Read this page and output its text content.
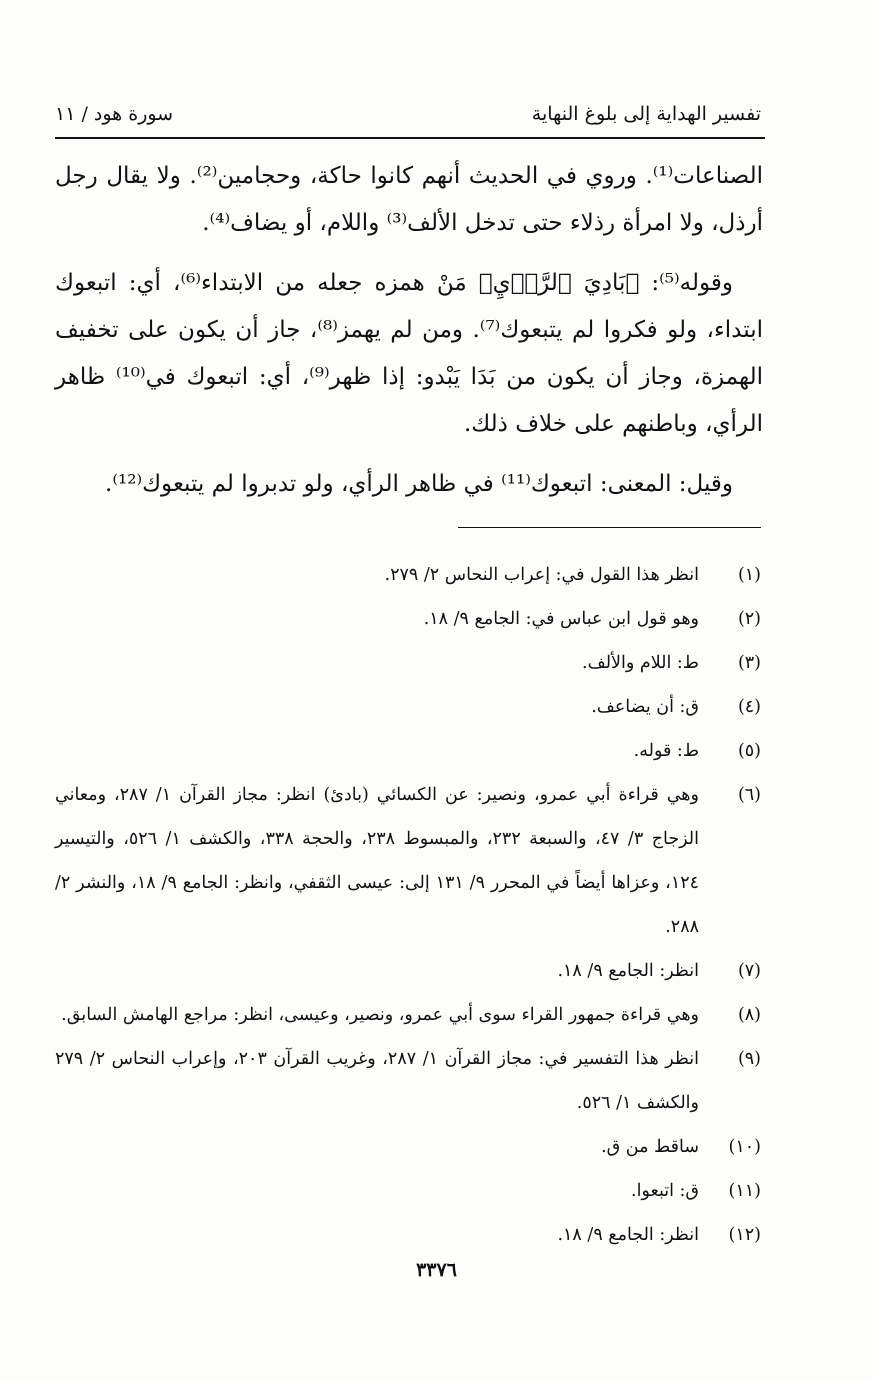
تفسير الهداية إلى بلوغ النهاية
سورة هود / ١١

الصناعات⁽¹⁾. وروي في الحديث أنهم كانوا حاكة، وحجامين⁽²⁾. ولا يقال رجل أرذل، ولا امرأة رذلاء حتى تدخل الألف⁽³⁾ واللام، أو يضاف⁽⁴⁾.

وقوله⁽⁵⁾: ﴿بَادِيَ ٱلرَّأۡيِ﴾ مَنْ همزه جعله من الابتداء⁽⁶⁾، أي: اتبعوك ابتداء، ولو فكروا لم يتبعوك⁽⁷⁾. ومن لم يهمز⁽⁸⁾، جاز أن يكون على تخفيف الهمزة، وجاز أن يكون من بَدَا يَبْدو: إذا ظهر⁽⁹⁾، أي: اتبعوك في⁽¹⁰⁾ ظاهر الرأي، وباطنهم على خلاف ذلك.

وقيل: المعنى: اتبعوك⁽¹¹⁾ في ظاهر الرأي، ولو تدبروا لم يتبعوك⁽¹²⁾.

(١)
انظر هذا القول في: إعراب النحاس ٢/ ٢٧٩.
(٢)
وهو قول ابن عباس في: الجامع ٩/ ١٨.
(٣)
ط: اللام والألف.
(٤)
ق: أن يضاعف.
(٥)
ط: قوله.
(٦)
وهي قراءة أبي عمرو، ونصير: عن الكسائي (بادئ) انظر: مجاز القرآن ١/ ٢٨٧، ومعاني الزجاج ٣/ ٤٧، والسبعة ٢٣٢، والمبسوط ٢٣٨، والحجة ٣٣٨، والكشف ١/ ٥٢٦، والتيسير ١٢٤، وعزاها أيضاً في المحرر ٩/ ١٣١ إلى: عيسى الثقفي، وانظر: الجامع ٩/ ١٨، والنشر ٢/ ٢٨٨.
(٧)
انظر: الجامع ٩/ ١٨.
(٨)
وهي قراءة جمهور القراء سوى أبي عمرو، ونصير، وعيسى، انظر: مراجع الهامش السابق.
(٩)
انظر هذا التفسير في: مجاز القرآن ١/ ٢٨٧، وغريب القرآن ٢٠٣، وإعراب النحاس ٢/ ٢٧٩ والكشف ١/ ٥٢٦.
(١٠)
ساقط من ق.
(١١)
ق: اتبعوا.
(١٢)
انظر: الجامع ٩/ ١٨.
٣٣٧٦
